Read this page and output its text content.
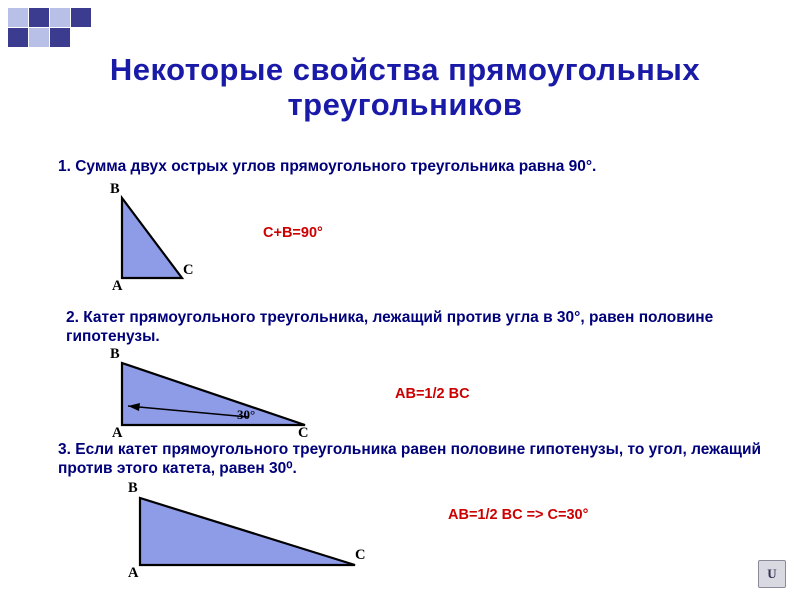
Некоторые свойства прямоугольных треугольников
1. Сумма двух острых углов прямоугольного треугольника равна 90°.
B
A
C
C+B=90°
2. Катет прямоугольного треугольника, лежащий против угла в 30°, равен половине гипотенузы.
B
A	C
30°
AB=1/2 BC
3. Если катет прямоугольного треугольника равен половине гипотенузы, то угол, лежащий против этого катета, равен 30⁰.
B
A
C
AB=1/2 BC => C=30°
U
